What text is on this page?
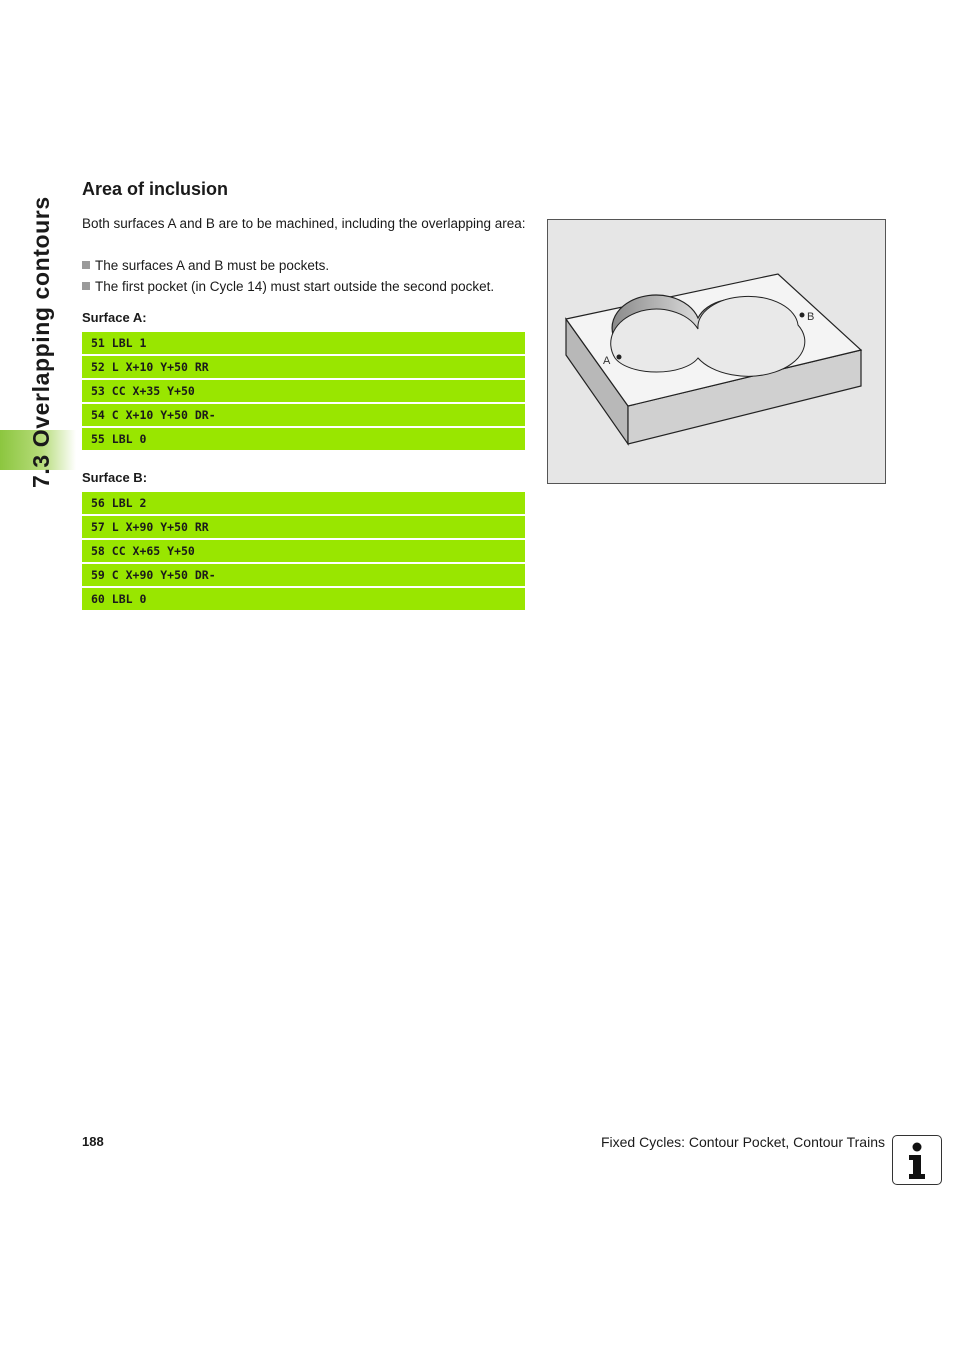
7.3 Overlapping contours
Area of inclusion

Both surfaces A and B are to be machined, including the overlapping area:

The surfaces A and B must be pockets.
The first pocket (in Cycle 14) must start outside the second pocket.
Surface A:
51 LBL 1
52 L X+10 Y+50 RR
53 CC X+35 Y+50
54 C X+10 Y+50 DR-
55 LBL 0
Surface B:
56 LBL 2
57 L X+90 Y+50 RR
58 CC X+65 Y+50
59 C X+90 Y+50 DR-
60 LBL 0
B
A
188	Fixed Cycles: Contour Pocket, Contour Trains
